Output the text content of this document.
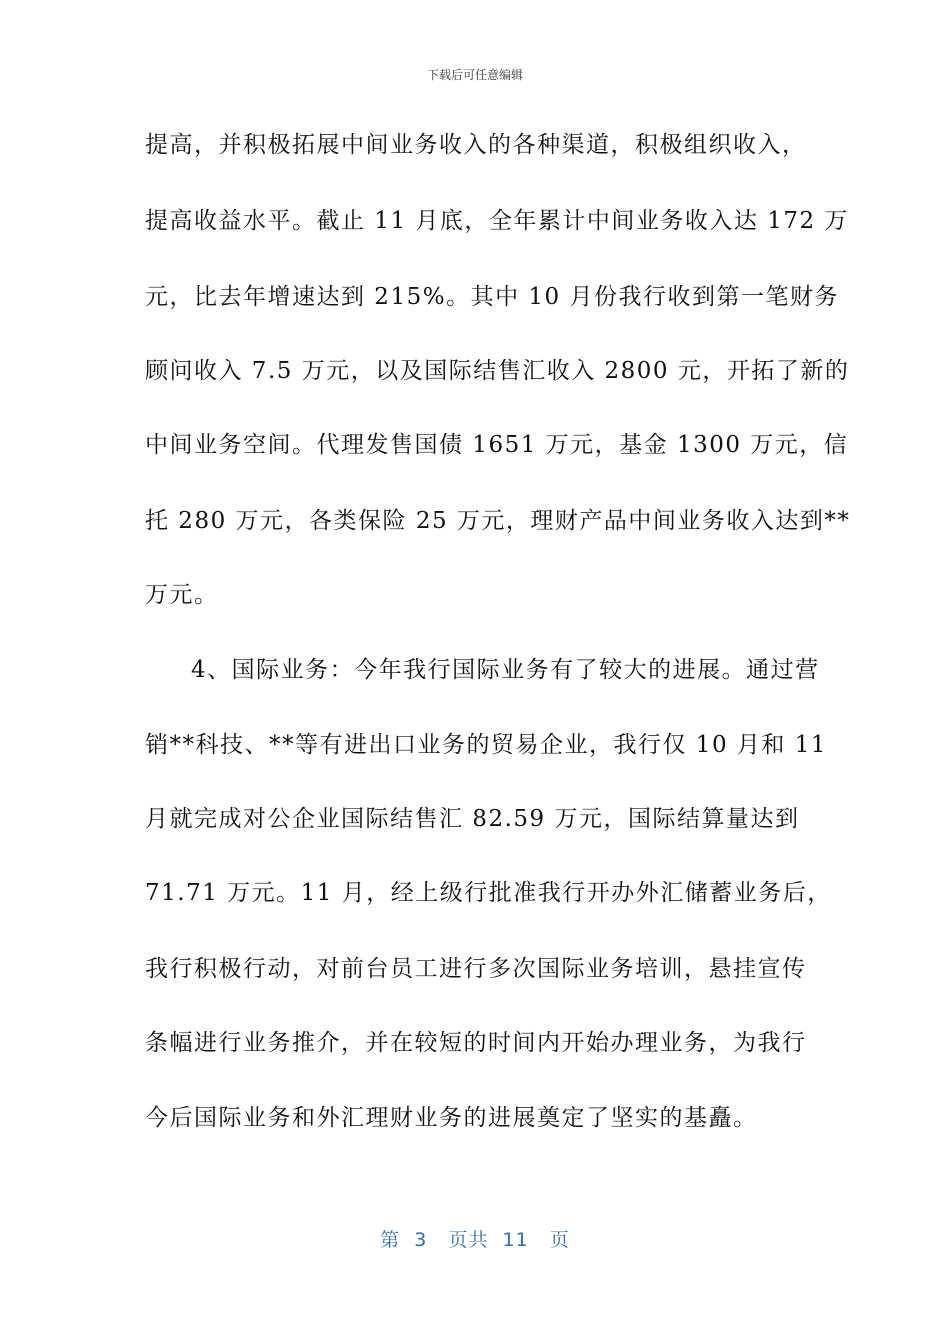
下载后可任意编辑
提高，并积极拓展中间业务收入的各种渠道，积极组织收入，
提高收益水平。截止 11 月底，全年累计中间业务收入达 172 万
元，比去年增速达到 215%。其中 10 月份我行收到第一笔财务
顾问收入 7.5 万元，以及国际结售汇收入 2800 元，开拓了新的
中间业务空间。代理发售国债 1651 万元，基金 1300 万元，信
托 280 万元，各类保险 25 万元，理财产品中间业务收入达到**
万元。
4、国际业务：今年我行国际业务有了较大的进展。通过营
销**科技、**等有进出口业务的贸易企业，我行仅 10 月和 11
月就完成对公企业国际结售汇 82.59 万元，国际结算量达到
71.71 万元。11 月，经上级行批准我行开办外汇储蓄业务后，
我行积极行动，对前台员工进行多次国际业务培训，悬挂宣传
条幅进行业务推介，并在较短的时间内开始办理业务，为我行
今后国际业务和外汇理财业务的进展奠定了坚实的基矗。
第  3   页共  11   页
